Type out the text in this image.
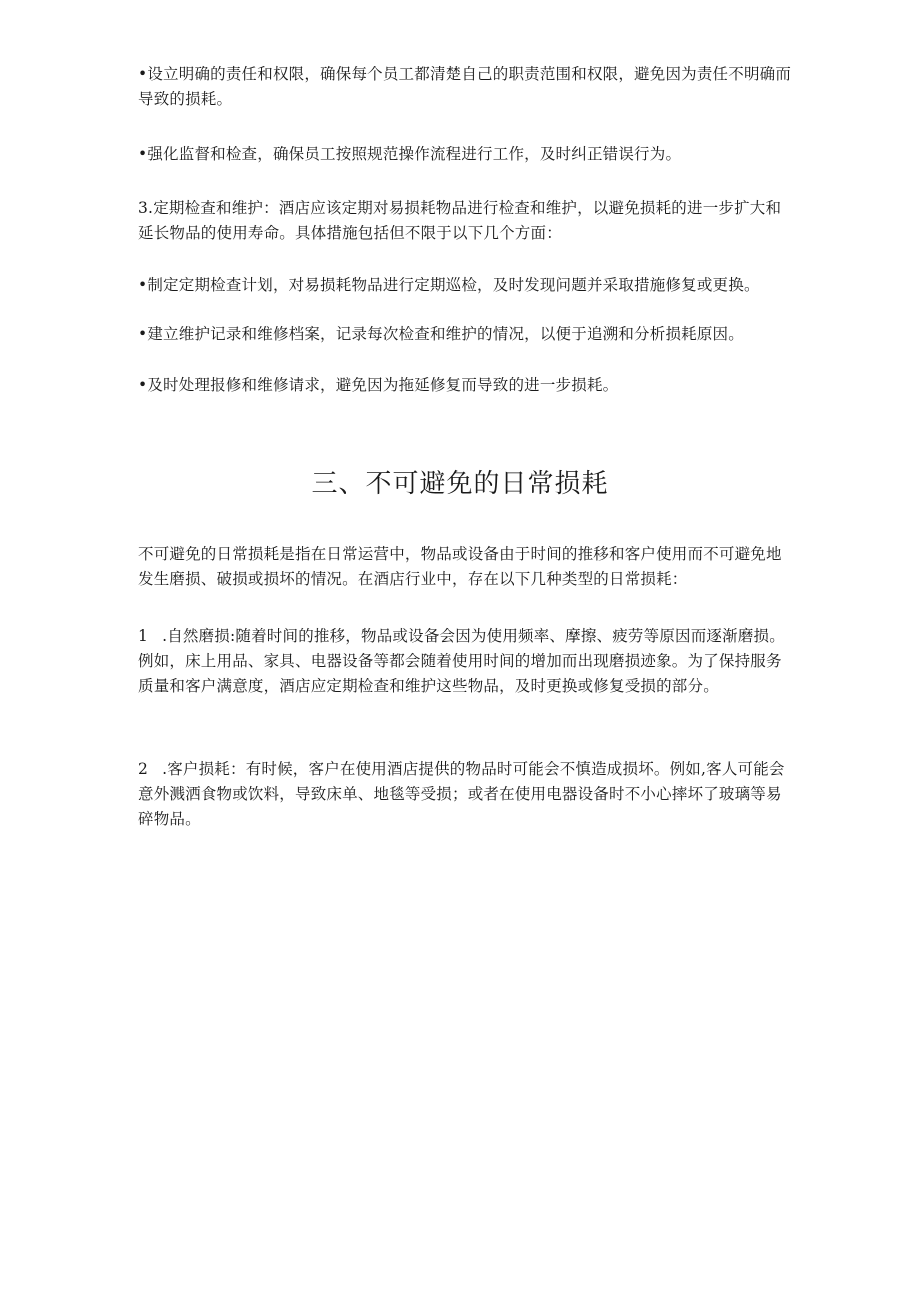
•设立明确的责任和权限，确保每个员工都清楚自己的职责范围和权限，避免因为责任不明确而导致的损耗。

•强化监督和检查，确保员工按照规范操作流程进行工作，及时纠正错误行为。

3.定期检查和维护：酒店应该定期对易损耗物品进行检查和维护，以避免损耗的进一步扩大和延长物品的使用寿命。具体措施包括但不限于以下几个方面：

•制定定期检查计划，对易损耗物品进行定期巡检，及时发现问题并采取措施修复或更换。

•建立维护记录和维修档案，记录每次检查和维护的情况，以便于追溯和分析损耗原因。

•及时处理报修和维修请求，避免因为拖延修复而导致的进一步损耗。

三、不可避免的日常损耗

不可避免的日常损耗是指在日常运营中，物品或设备由于时间的推移和客户使用而不可避免地发生磨损、破损或损坏的情况。在酒店行业中，存在以下几种类型的日常损耗：

1 .自然磨损:随着时间的推移，物品或设备会因为使用频率、摩擦、疲劳等原因而逐渐磨损。例如，床上用品、家具、电器设备等都会随着使用时间的增加而出现磨损迹象。为了保持服务质量和客户满意度，酒店应定期检查和维护这些物品，及时更换或修复受损的部分。

2 .客户损耗：有时候，客户在使用酒店提供的物品时可能会不慎造成损坏。例如,客人可能会意外溅洒食物或饮料，导致床单、地毯等受损；或者在使用电器设备时不小心摔坏了玻璃等易碎物品。
